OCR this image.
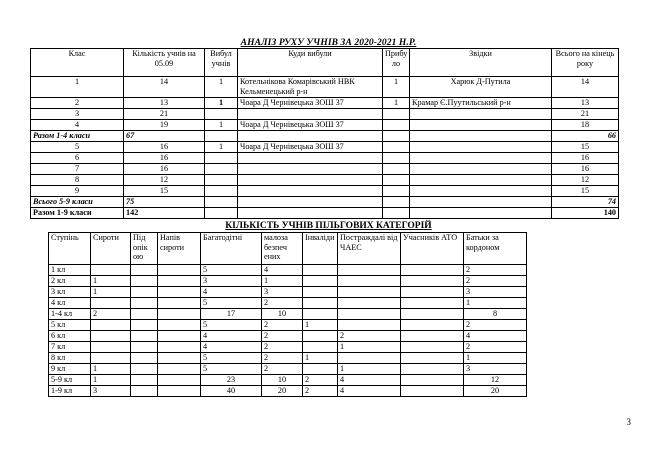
АНАЛІЗ РУХУ УЧНІВ ЗА 2020-2021 Н.Р.
Клас	Кількість учнів на 05.09	Вибул учнів	Куди вибули	Прибу ло	Звідки	Всього на кінець року
1	14	1	Котельнікова Комарівський НВК Кельменецький р-н	1	Харюк Д-Путила	14
2	13	1	Чоара Д Чернівецька ЗОШ 37	1	Крамар Є.Пуутильський р-н	13
3	21					21
4	19	1	Чоара Д Чернівецька ЗОШ 37			18
Разом 1-4 класи	67					66
5	16	1	Чоара Д Чернівецька ЗОШ 37			15
6	16					16
7	16					16
8	12					12
9	15					15
Всього 5-9 класи	75					74
Разом 1-9 класи	142					140
КІЛЬКІСТЬ УЧНІВ ПІЛЬГОВИХ КАТЕГОРІЙ
Ступінь	Сироти	Під опік ою	Напів сироти	Багатодітні	малоза безпеч ених	Інваліди	Постраждалі від ЧАЕС	Учасників АТО	Батьки за кордоном
1 кл				5	4				2
2 кл	1			3	1				2
3 кл	1			4	3				3
4 кл				5	2				1
1-4 кл	2			17	10				8
5 кл				5	2	1			2
6 кл				4	2		2		4
7 кл				4	2		1		2
8 кл				5	2	1			1
9 кл	1			5	2		1		3
5-9 кл	1			23	10	2	4		12
1-9 кл	3			40	20	2	4		20
3
